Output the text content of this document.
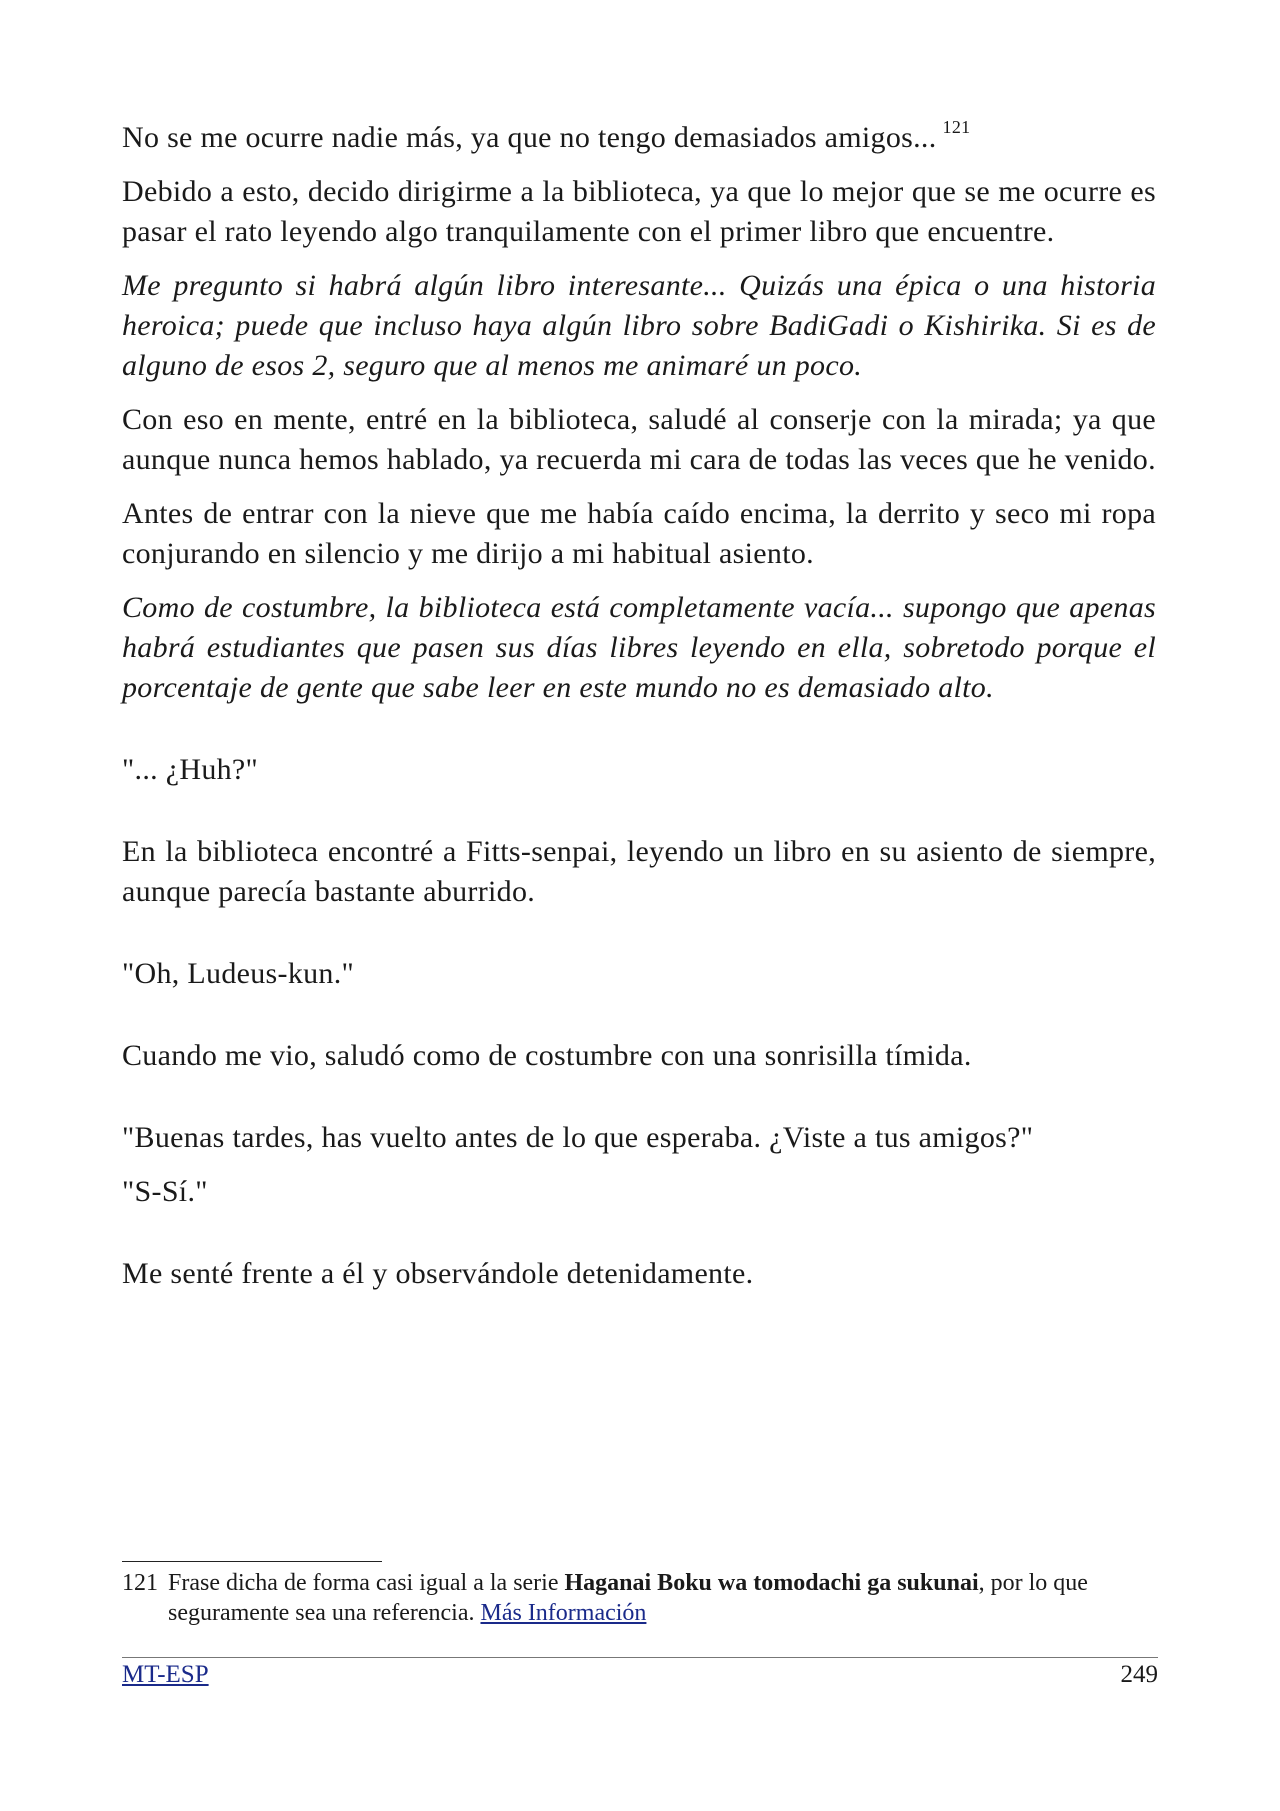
No se me ocurre nadie más, ya que no tengo demasiados amigos... $^{121}$

Debido a esto, decido dirigirme a la biblioteca, ya que lo mejor que se me ocurre es pasar el rato leyendo algo tranquilamente con el primer libro que encuentre.

Me pregunto si habrá algún libro interesante... Quizás una épica o una historia heroica; puede que incluso haya algún libro sobre BadiGadi o Kishirika. Si es de alguno de esos 2, seguro que al menos me animaré un poco.

Con eso en mente, entré en la biblioteca, saludé al conserje con la mirada; ya que aunque nunca hemos hablado, ya recuerda mi cara de todas las veces que he venido.

Antes de entrar con la nieve que me había caído encima, la derrito y seco mi ropa conjurando en silencio y me dirijo a mi habitual asiento.

Como de costumbre, la biblioteca está completamente vacía... supongo que apenas habrá estudiantes que pasen sus días libres leyendo en ella, sobretodo porque el porcentaje de gente que sabe leer en este mundo no es demasiado alto.

"... ¿Huh?"

En la biblioteca encontré a Fitts-senpai, leyendo un libro en su asiento de siempre, aunque parecía bastante aburrido.

"Oh, Ludeus-kun."

Cuando me vio, saludó como de costumbre con una sonrisilla tímida.

"Buenas tardes, has vuelto antes de lo que esperaba. ¿Viste a tus amigos?"

"S-Sí."

Me senté frente a él y observándole detenidamente.

121 Frase dicha de forma casi igual a la serie Haganai Boku wa tomodachi ga sukunai, por lo que
seguramente sea una referencia. Más Información
MT-ESP	249
